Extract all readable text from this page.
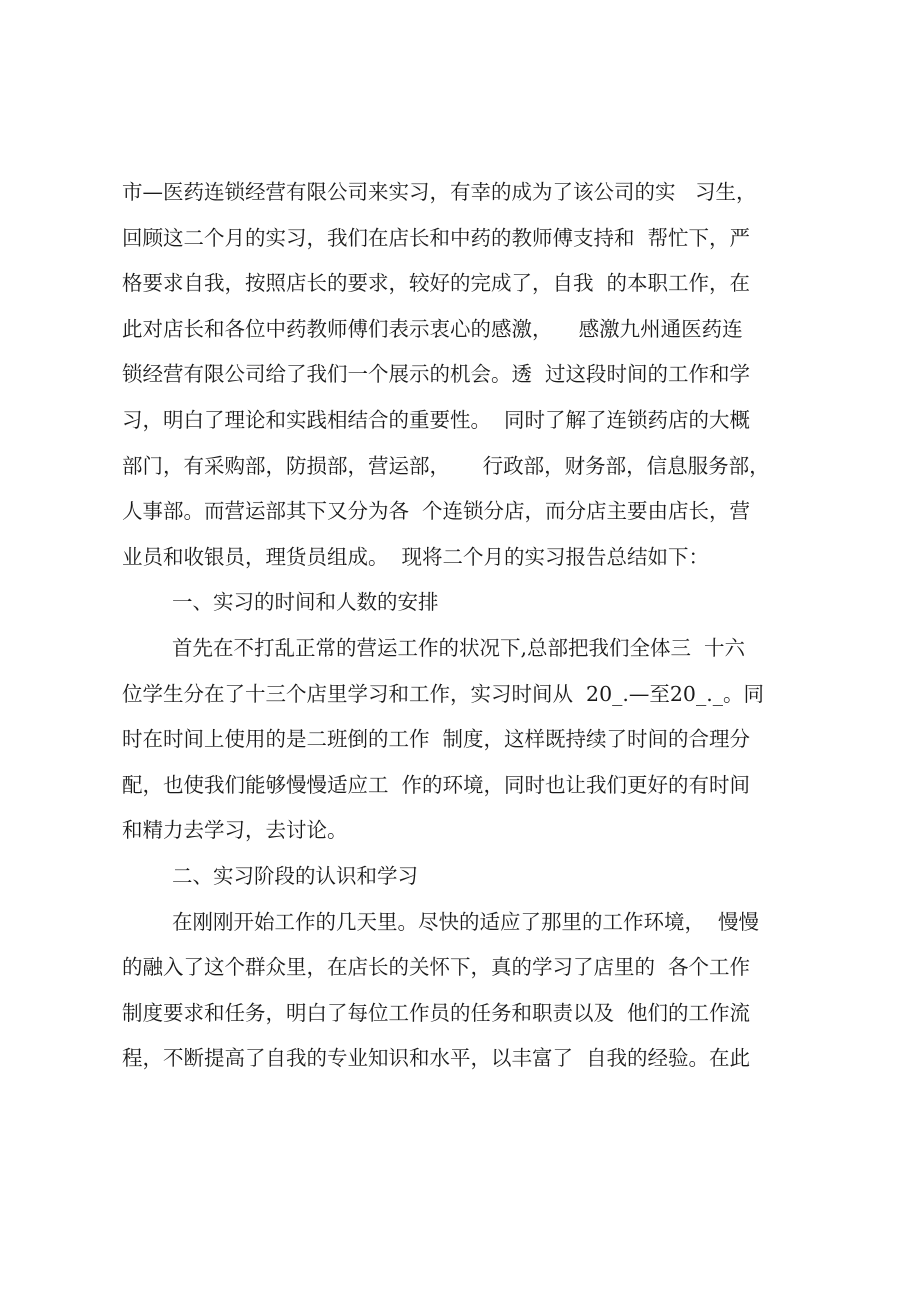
市—医药连锁经营有限公司来实习，有幸的成为了该公司的实   习生，
回顾这二个月的实习，我们在店长和中药的教师傅支持和  帮忙下，严
格要求自我，按照店长的要求，较好的完成了，自我  的本职工作，在
此对店长和各位中药教师傅们表示衷心的感激，    感激九州通医药连
锁经营有限公司给了我们一个展示的机会。透  过这段时间的工作和学
习，明白了理论和实践相结合的重要性。  同时了解了连锁药店的大概
部门，有采购部，防损部，营运部，     行政部，财务部，信息服务部，
人事部。而营运部其下又分为各  个连锁分店，而分店主要由店长，营
业员和收银员，理货员组成。  现将二个月的实习报告总结如下：
一、实习的时间和人数的安排
首先在不打乱正常的营运工作的状况下,总部把我们全体三  十六
位学生分在了十三个店里学习和工作，实习时间从  20_.—至20_._。同
时在时间上使用的是二班倒的工作  制度，这样既持续了时间的合理分
配，也使我们能够慢慢适应工  作的环境，同时也让我们更好的有时间
和精力去学习，去讨论。
二、实习阶段的认识和学习
在刚刚开始工作的几天里。尽快的适应了那里的工作环境，  慢慢
的融入了这个群众里，在店长的关怀下，真的学习了店里的  各个工作
制度要求和任务，明白了每位工作员的任务和职责以及  他们的工作流
程，不断提高了自我的专业知识和水平，以丰富了  自我的经验。在此
